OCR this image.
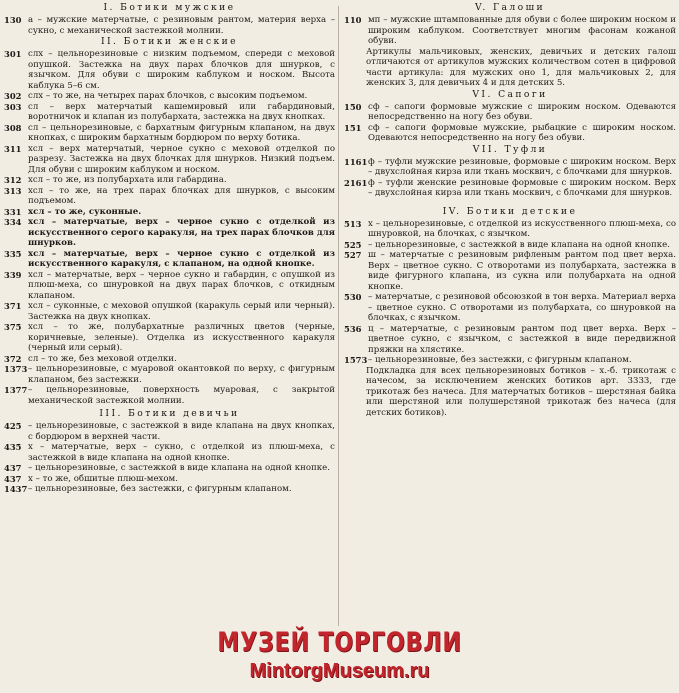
I. Ботики мужские
130 а – мужские матерчатые, с резиновым рантом, материя верха – сукно, с механической застежкой молнии.
II. Ботики женские
301 слх – цельнорезиновые с низким подъемом, спереди с меховой опушкой. Застежка на двух парах блочков для шнурков, с язычком. Для обуви с широким каблуком и носком. Высота каблука 5–6 см.
302 слх – то же, на четырех парах блочков, с высоким подъемом.
303 сл – верх матерчатый кашемировый или габардиновый, воротничок и клапан из полубархата, застежка на двух кнопках.
308 сл – цельнорезиновые, с бархатным фигурным клапаном, на двух кнопках, с широким бархатным бордюром по верху ботика.
311 хсл – верх матерчатый, черное сукно с меховой отделкой по разрезу. Застежка на двух блочках для шнурков. Низкий подъем. Для обуви с широким каблуком и носком.
312 хсл – то же, из полубархата или габардина.
313 хсл – то же, на трех парах блочках для шнурков, с высоким подъемом.
331 хсл – то же, суконные.
334 хсл – матерчатые, верх – черное сукно с отделкой из искусственного серого каракуля, на трех парах блочков для шнурков.
335 хсл – матерчатые, верх – черное сукно с отделкой из искусственного каракуля, с клапаном, на одной кнопке.
339 хсл – матерчатые, верх – черное сукно и габардин, с опушкой из плюш-меха, со шнуровкой на двух парах блочков, с откидным клапаном.
371 хсл – суконные, с меховой опушкой (каракуль серый или черный). Застежка на двух кнопках.
375 хсл – то же, полубархатные различных цветов (черные, коричневые, зеленые). Отделка из искусственного каракуля (черный или серый).
372 сл – то же, без меховой отделки.
1373 – цельнорезиновые, с муаровой окантовкой по верху, с фигурным клапаном, без застежки.
1377 – цельнорезиновые, поверхность муаровая, с закрытой механической застежкой молнии.
III. Ботики девичьи
425 – цельнорезиновые, с застежкой в виде клапана на двух кнопках, с бордюром в верхней части.
435 х – матерчатые, верх – сукно, с отделкой из плюш-меха, с застежкой в виде клапана на одной кнопке.
437 – цельнорезиновые, с застежкой в виде клапана на одной кнопке.
437 х – то же, обшитые плюш-мехом.
1437 – цельнорезиновые, без застежки, с фигурным клапаном.
V. Галоши
110 мп – мужские штампованные для обуви с более широким носком и широким каблуком. Соответствует многим фасонам кожаной обуви.
Артикулы мальчиковых, женских, девичьих и детских галош отличаются от артикулов мужских количеством сотен в цифровой части артикула: для мужских оно 1, для мальчиковых 2, для женских 3, для девичьих 4 и для детских 5.
VI. Сапоги
150 сф – сапоги формовые мужские с широким носком. Одеваются непосредственно на ногу без обуви.
151 сф – сапоги формовые мужские, рыбацкие с широким носком. Одеваются непосредственно на ногу без обуви.
VII. Туфли
1161 ф – туфли мужские резиновые, формовые с широким носком. Верх – двухслойная кирза или ткань москвич, с блочками для шнурков.
2161 ф – туфли женские резиновые формовые с широким носком. Верх – двухслойная кирза или ткань москвич, с блочками для шнурков.
IV. Ботики детские
513 х – цельнорезиновые, с отделкой из искусственного плюш-меха, со шнуровкой, на блочках, с язычком.
525 – цельнорезиновые, с застежкой в виде клапана на одной кнопке.
527 ш – матерчатые с резиновым рифленым рантом под цвет верха. Верх – цветное сукно. С отворотами из полубархата, застежка в виде фигурного клапана, из сукна или полубархата на одной кнопке.
530 – матерчатые, с резиновой обсоюзкой в тон верха. Материал верха – цветное сукно. С отворотами из полубархата, со шнуровкой на блочках, с язычком.
536 ц – матерчатые, с резиновым рантом под цвет верха. Верх – цветное сукно, с язычком, с застежкой в виде передвижной пряжки на хлястике.
1573 – цельнорезиновые, без застежки, с фигурным клапаном.
Подкладка для всех цельнорезиновых ботиков – х.-б. трикотаж с начесом, за исключением женских ботиков арт. 3333, где трикотаж без начеса. Для матерчатых ботиков – шерстяная байка или шерстяной или полушерстяной трикотаж без начеса (для детских ботиков).
МУЗЕЙ ТОРГОВЛИ
MintorgMuseum.ru
